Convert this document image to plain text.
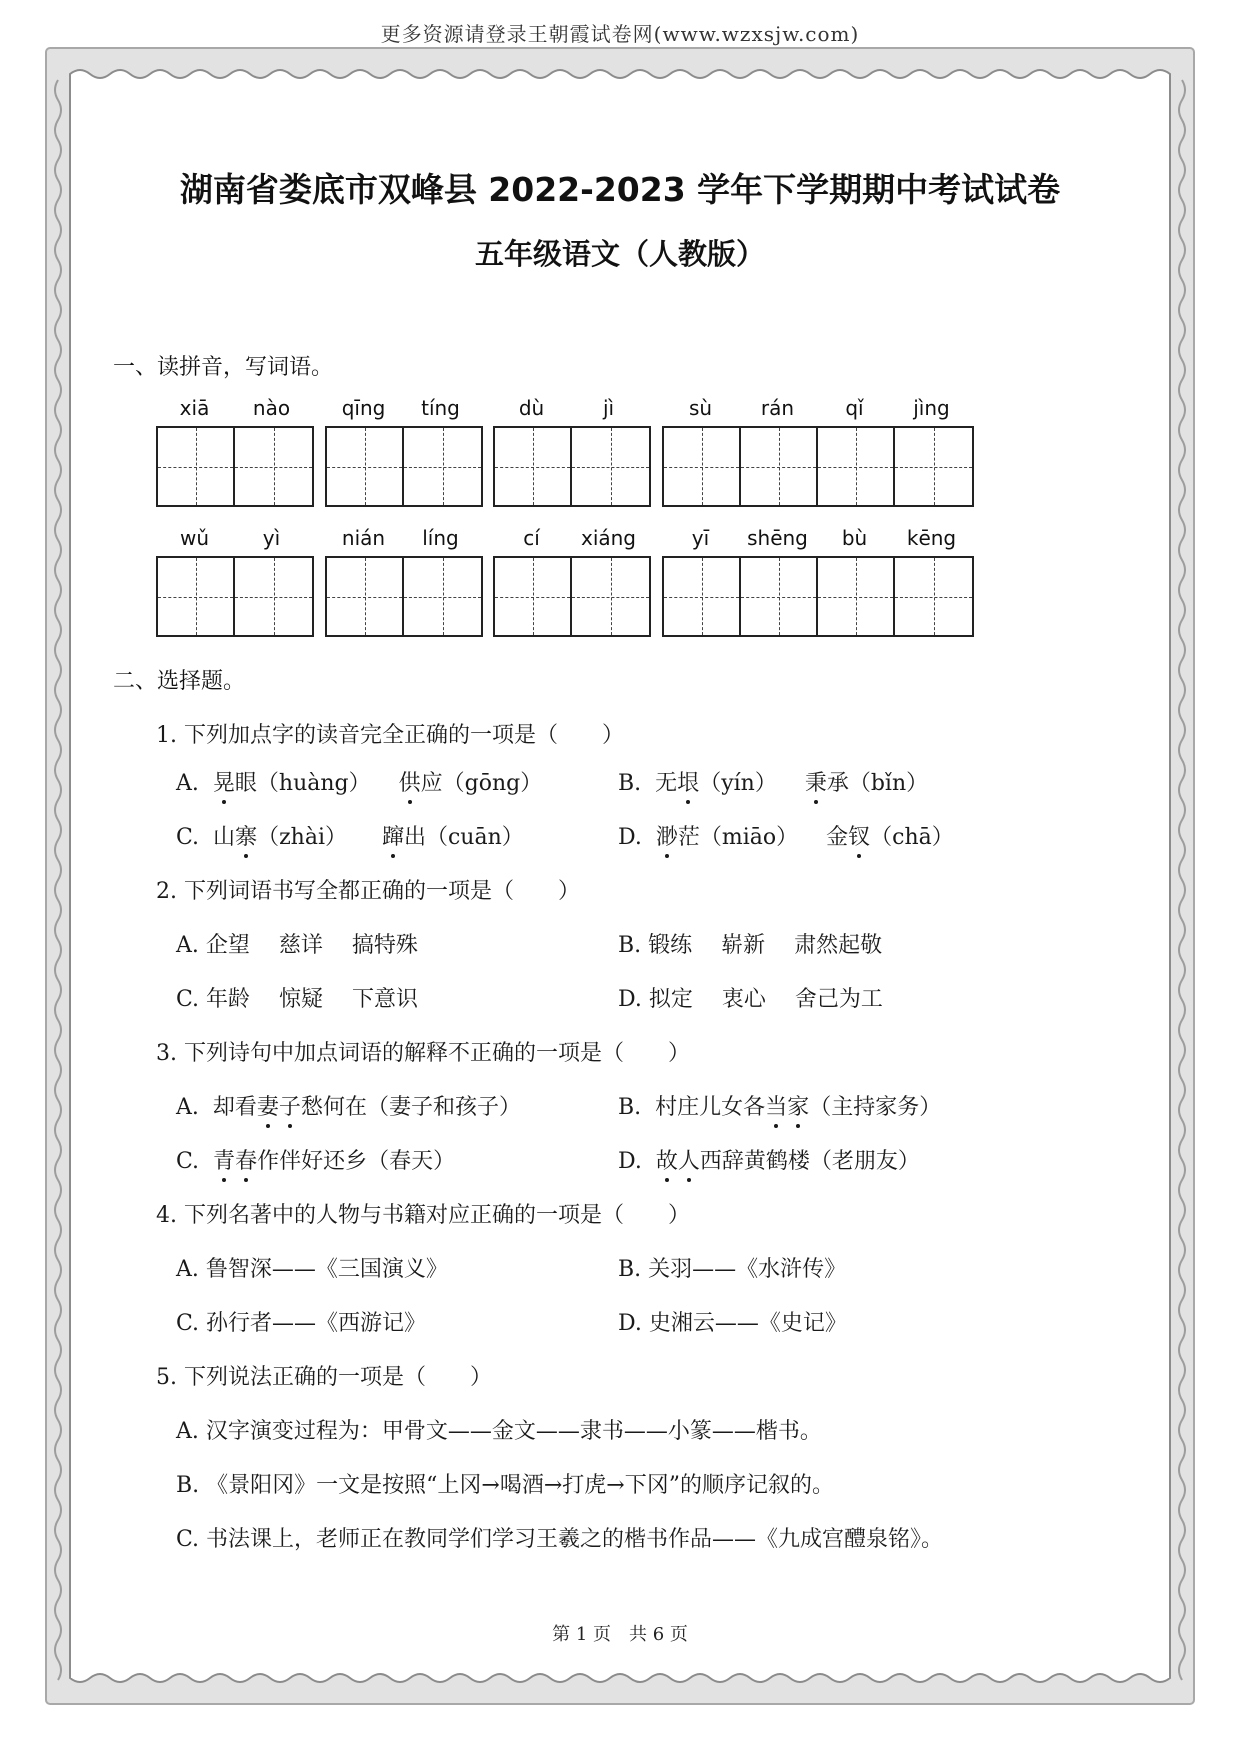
更多资源请登录王朝霞试卷网(www.wzxsjw.com)
湖南省娄底市双峰县 2022-2023 学年下学期期中考试试卷
五年级语文（人教版）
一、读拼音，写词语。
xiā	nào	qīng	tíng	dù	jì	sù	rán	qǐ	jìng
wǔ	yì	nián	líng	cí	xiáng	yī	shēng	bù	kēng
二、选择题。
1. 下列加点字的读音完全正确的一项是（　　）
A. 晃眼（huàng） 供应（gōng）	B. 无垠（yín） 秉承（bǐn）
C. 山寨（zhài） 蹿出（cuān）	D. 渺茫（miāo） 金钗（chā）
2. 下列词语书写全都正确的一项是（　　）
A. 企望　 慈详　 搞特殊	B. 锻练　 崭新　 肃然起敬
C. 年龄　 惊疑　 下意识	D. 拟定　 衷心　 舍己为工
3. 下列诗句中加点词语的解释不正确的一项是（　　）
A. 却看妻子愁何在（妻子和孩子）	B. 村庄儿女各当家（主持家务）
C. 青春作伴好还乡（春天）	D. 故人西辞黄鹤楼（老朋友）
4. 下列名著中的人物与书籍对应正确的一项是（　　）
A. 鲁智深——《三国演义》	B. 关羽——《水浒传》
C. 孙行者——《西游记》	D. 史湘云——《史记》
5. 下列说法正确的一项是（　　）
A. 汉字演变过程为：甲骨文——金文——隶书——小篆——楷书。
B. 《景阳冈》一文是按照“上冈→喝酒→打虎→下冈”的顺序记叙的。
C. 书法课上，老师正在教同学们学习王羲之的楷书作品——《九成宫醴泉铭》。
第 1 页　共 6 页
